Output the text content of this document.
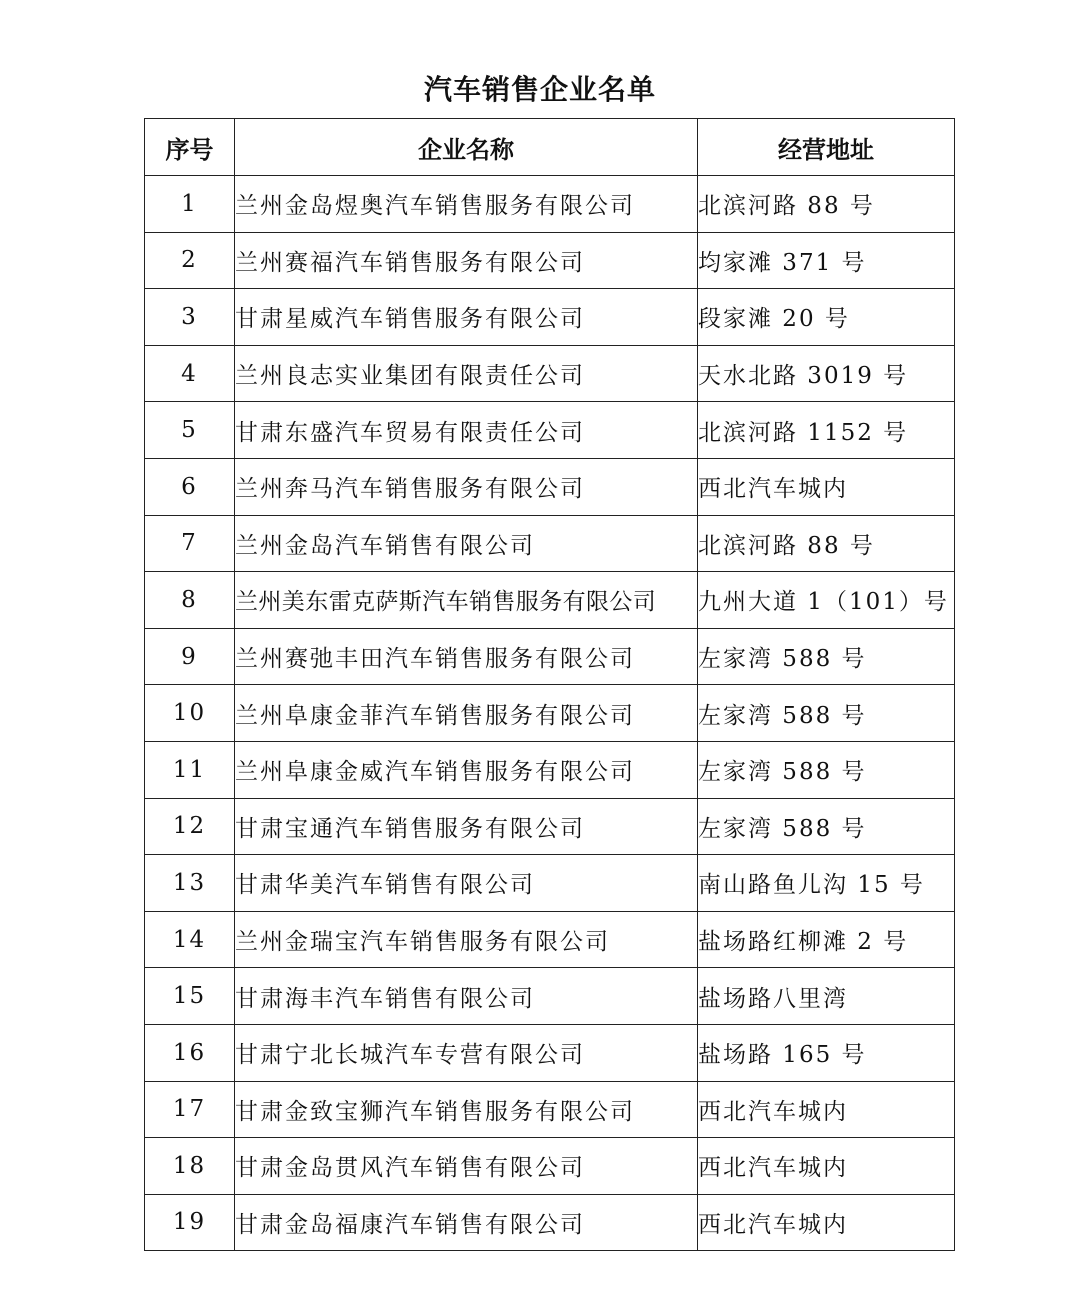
汽车销售企业名单
序号	企业名称	经营地址
1	兰州金岛煜奥汽车销售服务有限公司	北滨河路 88 号
2	兰州赛福汽车销售服务有限公司	均家滩 371 号
3	甘肃星威汽车销售服务有限公司	段家滩 20 号
4	兰州良志实业集团有限责任公司	天水北路 3019 号
5	甘肃东盛汽车贸易有限责任公司	北滨河路 1152 号
6	兰州奔马汽车销售服务有限公司	西北汽车城内
7	兰州金岛汽车销售有限公司	北滨河路 88 号
8	兰州美东雷克萨斯汽车销售服务有限公司	九州大道 1（101）号
9	兰州赛弛丰田汽车销售服务有限公司	左家湾 588 号
10	兰州阜康金菲汽车销售服务有限公司	左家湾 588 号
11	兰州阜康金威汽车销售服务有限公司	左家湾 588 号
12	甘肃宝通汽车销售服务有限公司	左家湾 588 号
13	甘肃华美汽车销售有限公司	南山路鱼儿沟 15 号
14	兰州金瑞宝汽车销售服务有限公司	盐场路红柳滩 2 号
15	甘肃海丰汽车销售有限公司	盐场路八里湾
16	甘肃宁北长城汽车专营有限公司	盐场路 165 号
17	甘肃金致宝狮汽车销售服务有限公司	西北汽车城内
18	甘肃金岛贯风汽车销售有限公司	西北汽车城内
19	甘肃金岛福康汽车销售有限公司	西北汽车城内
